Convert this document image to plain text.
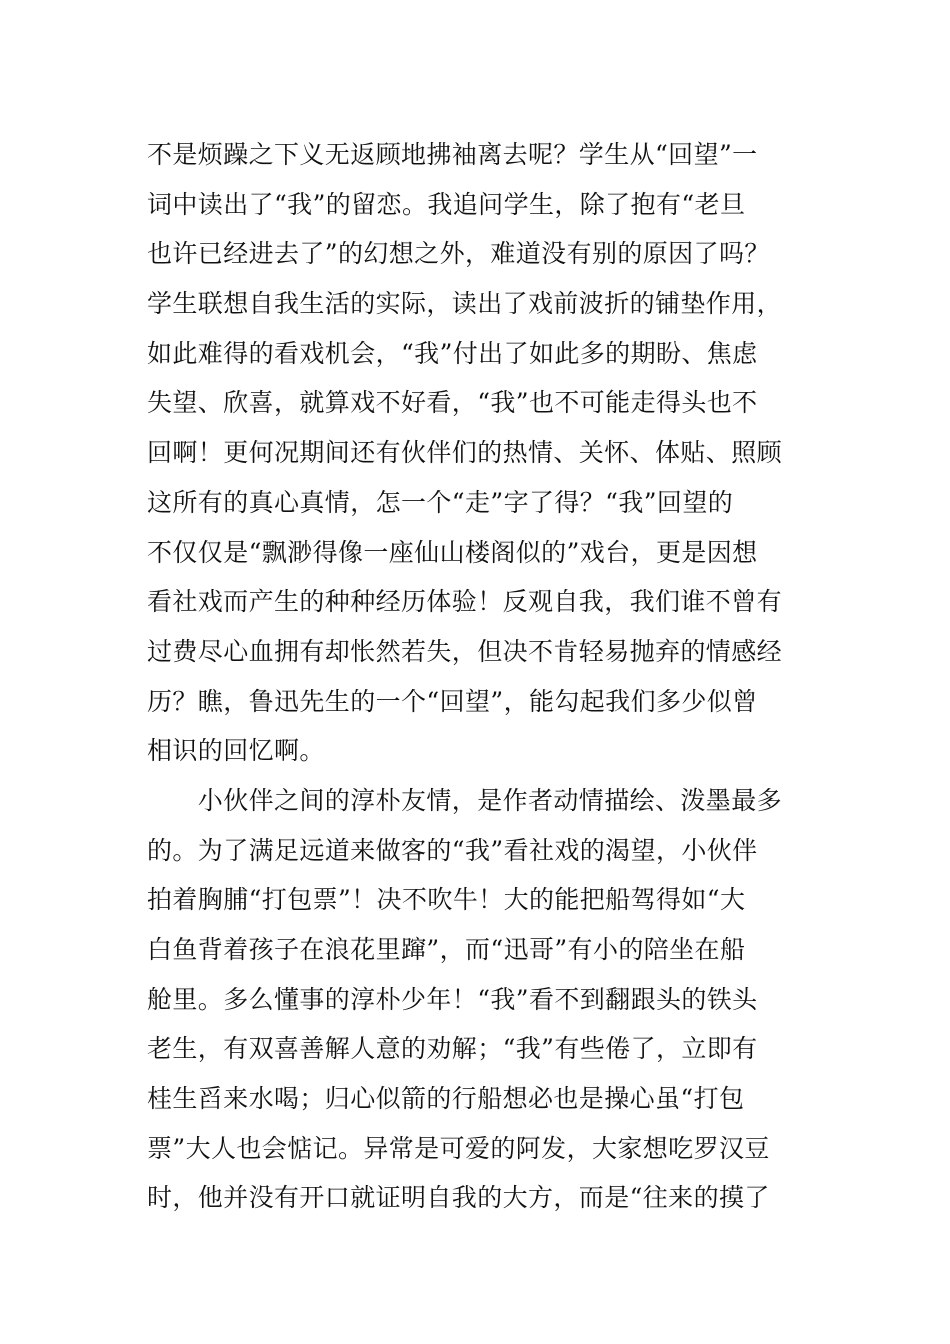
不是烦躁之下义无返顾地拂袖离去呢？学生从“回望”一
词中读出了“我”的留恋。我追问学生，除了抱有“老旦
也许已经进去了”的幻想之外，难道没有别的原因了吗？
学生联想自我生活的实际，读出了戏前波折的铺垫作用，
如此难得的看戏机会，“我”付出了如此多的期盼、焦虑
失望、欣喜，就算戏不好看，“我”也不可能走得头也不
回啊！更何况期间还有伙伴们的热情、关怀、体贴、照顾
这所有的真心真情，怎一个“走”字了得？“我”回望的
不仅仅是“飘渺得像一座仙山楼阁似的”戏台，更是因想
看社戏而产生的种种经历体验！反观自我，我们谁不曾有
过费尽心血拥有却怅然若失，但决不肯轻易抛弃的情感经
历？瞧，鲁迅先生的一个“回望”，能勾起我们多少似曾
相识的回忆啊。
　　小伙伴之间的淳朴友情，是作者动情描绘、泼墨最多
的。为了满足远道来做客的“我”看社戏的渴望，小伙伴
拍着胸脯“打包票”！决不吹牛！大的能把船驾得如“大
白鱼背着孩子在浪花里蹿”，而“迅哥”有小的陪坐在船
舱里。多么懂事的淳朴少年！“我”看不到翻跟头的铁头
老生，有双喜善解人意的劝解；“我”有些倦了，立即有
桂生舀来水喝；归心似箭的行船想必也是操心虽“打包
票”大人也会惦记。异常是可爱的阿发，大家想吃罗汉豆
时，他并没有开口就证明自我的大方，而是“往来的摸了
